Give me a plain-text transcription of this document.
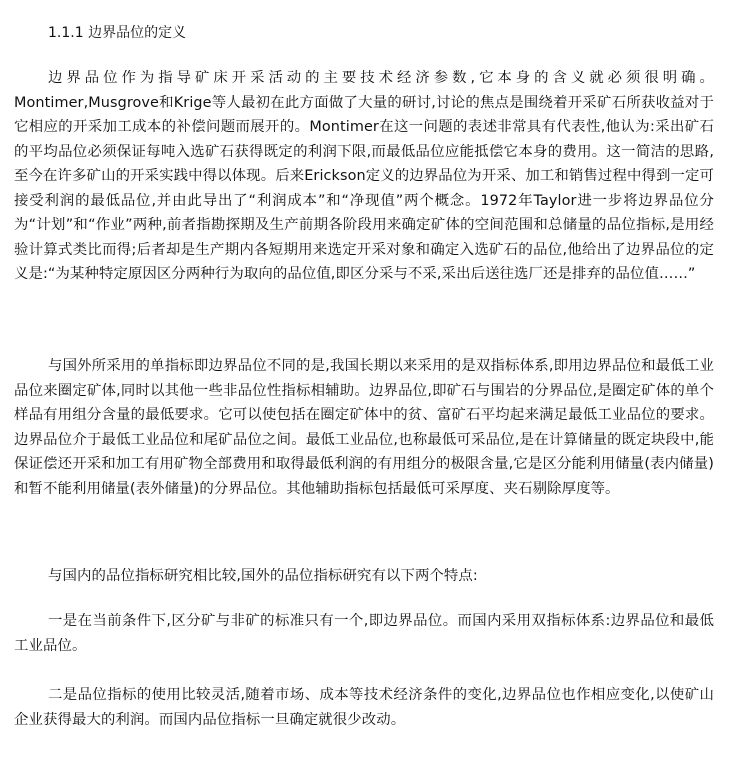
1.1.1 边界品位的定义

边界品位作为指导矿床开采活动的主要技术经济参数,它本身的含义就必须很明确。Montimer,Musgrove和Krige等人最初在此方面做了大量的研讨,讨论的焦点是围绕着开采矿石所获收益对于它相应的开采加工成本的补偿问题而展开的。Montimer在这一问题的表述非常具有代表性,他认为:采出矿石的平均品位必须保证每吨入选矿石获得既定的利润下限,而最低品位应能抵偿它本身的费用。这一简洁的思路,至今在许多矿山的开采实践中得以体现。后来Erickson定义的边界品位为开采、加工和销售过程中得到一定可接受利润的最低品位,并由此导出了“利润成本”和“净现值”两个概念。1972年Taylor进一步将边界品位分为“计划”和“作业”两种,前者指勘探期及生产前期各阶段用来确定矿体的空间范围和总储量的品位指标,是用经验计算式类比而得;后者却是生产期内各短期用来选定开采对象和确定入选矿石的品位,他给出了边界品位的定义是:“为某种特定原因区分两种行为取向的品位值,即区分采与不采,采出后送往选厂还是排弃的品位值……”

与国外所采用的单指标即边界品位不同的是,我国长期以来采用的是双指标体系,即用边界品位和最低工业品位来圈定矿体,同时以其他一些非品位性指标相辅助。边界品位,即矿石与围岩的分界品位,是圈定矿体的单个样品有用组分含量的最低要求。它可以使包括在圈定矿体中的贫、富矿石平均起来满足最低工业品位的要求。边界品位介于最低工业品位和尾矿品位之间。最低工业品位,也称最低可采品位,是在计算储量的既定块段中,能保证偿还开采和加工有用矿物全部费用和取得最低利润的有用组分的极限含量,它是区分能利用储量(表内储量)和暂不能利用储量(表外储量)的分界品位。其他辅助指标包括最低可采厚度、夹石剔除厚度等。

与国内的品位指标研究相比较,国外的品位指标研究有以下两个特点:

一是在当前条件下,区分矿与非矿的标准只有一个,即边界品位。而国内采用双指标体系:边界品位和最低工业品位。

二是品位指标的使用比较灵活,随着市场、成本等技术经济条件的变化,边界品位也作相应变化,以使矿山企业获得最大的利润。而国内品位指标一旦确定就很少改动。
